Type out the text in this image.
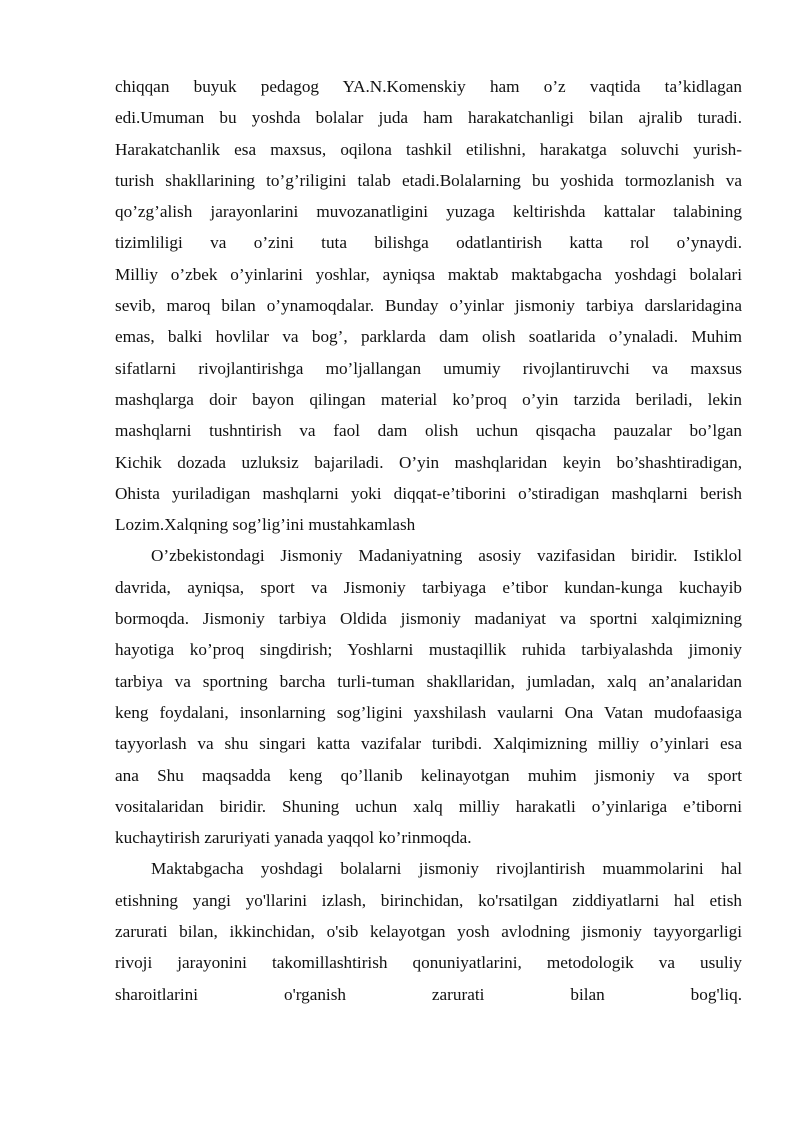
chiqqan buyuk pedagog YA.N.Komenskiy ham o’z vaqtida ta’kidlagan
edi.Umuman bu yoshda bolalar juda ham harakatchanligi bilan ajralib turadi.
Harakatchanlik esa maxsus, oqilona tashkil etilishni, harakatga soluvchi yurish-
turish shakllarining to’g’riligini talab etadi.Bolalarning bu yoshida tormozlanish va
qo’zg’alish jarayonlarini muvozanatligini yuzaga keltirishda kattalar talabining
tizimliligi va o’zini tuta bilishga odatlantirish katta rol o’ynaydi.
Milliy o’zbek o’yinlarini yoshlar, ayniqsa maktab maktabgacha yoshdagi bolalari
sevib, maroq bilan o’ynamoqdalar. Bunday o’yinlar jismoniy tarbiya darslaridagina
emas, balki hovlilar va bog’, parklarda dam olish soatlarida o’ynaladi. Muhim
sifatlarni rivojlantirishga mo’ljallangan umumiy rivojlantiruvchi va maxsus
mashqlarga doir bayon qilingan material ko’proq o’yin tarzida beriladi, lekin
mashqlarni tushntirish va faol dam olish uchun qisqacha pauzalar bo’lgan
Kichik dozada uzluksiz bajariladi. O’yin mashqlaridan keyin bo’shashtiradigan,
Ohista yuriladigan mashqlarni yoki diqqat-e’tiborini o’stiradigan mashqlarni berish
Lozim.Xalqning sog’lig’ini mustahkamlash
O’zbekistondagi Jismoniy Madaniyatning asosiy vazifasidan biridir. Istiklol
davrida, ayniqsa, sport va Jismoniy tarbiyaga e’tibor kundan-kunga kuchayib
bormoqda. Jismoniy tarbiya Oldida jismoniy madaniyat va sportni xalqimizning
hayotiga ko’proq singdirish; Yoshlarni mustaqillik ruhida tarbiyalashda jimoniy
tarbiya va sportning barcha turli-tuman shakllaridan, jumladan, xalq an’analaridan
keng foydalani, insonlarning sog’ligini yaxshilash vaularni Ona Vatan mudofaasiga
tayyorlash va shu singari katta vazifalar turibdi. Xalqimizning milliy o’yinlari esa
ana Shu maqsadda keng qo’llanib kelinayotgan muhim jismoniy va sport
vositalaridan biridir. Shuning uchun xalq milliy harakatli o’yinlariga e’tiborni
kuchaytirish zaruriyati yanada yaqqol ko’rinmoqda.
Maktabgacha yoshdagi bolalarni jismoniy rivojlantirish muammolarini hal
etishning yangi yo'llarini izlash, birinchidan, ko'rsatilgan ziddiyatlarni hal etish
zarurati bilan, ikkinchidan, o'sib kelayotgan yosh avlodning jismoniy tayyorgarligi
rivoji jarayonini takomillashtirish qonuniyatlarini, metodologik va usuliy
sharoitlarini o'rganish zarurati bilan bog'liq.
